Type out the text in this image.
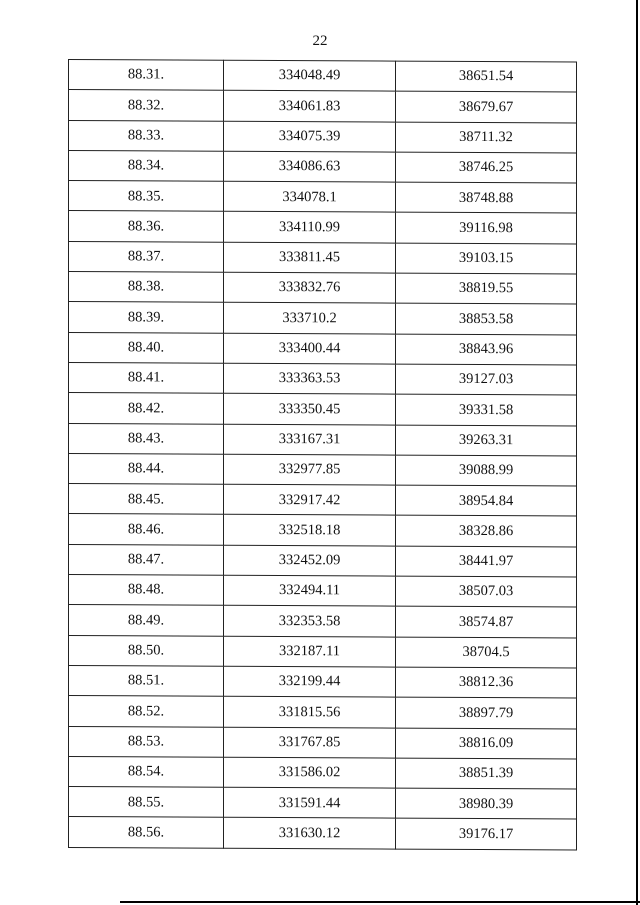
22
88.31.	334048.49	38651.54
88.32.	334061.83	38679.67
88.33.	334075.39	38711.32
88.34.	334086.63	38746.25
88.35.	334078.1	38748.88
88.36.	334110.99	39116.98
88.37.	333811.45	39103.15
88.38.	333832.76	38819.55
88.39.	333710.2	38853.58
88.40.	333400.44	38843.96
88.41.	333363.53	39127.03
88.42.	333350.45	39331.58
88.43.	333167.31	39263.31
88.44.	332977.85	39088.99
88.45.	332917.42	38954.84
88.46.	332518.18	38328.86
88.47.	332452.09	38441.97
88.48.	332494.11	38507.03
88.49.	332353.58	38574.87
88.50.	332187.11	38704.5
88.51.	332199.44	38812.36
88.52.	331815.56	38897.79
88.53.	331767.85	38816.09
88.54.	331586.02	38851.39
88.55.	331591.44	38980.39
88.56.	331630.12	39176.17
